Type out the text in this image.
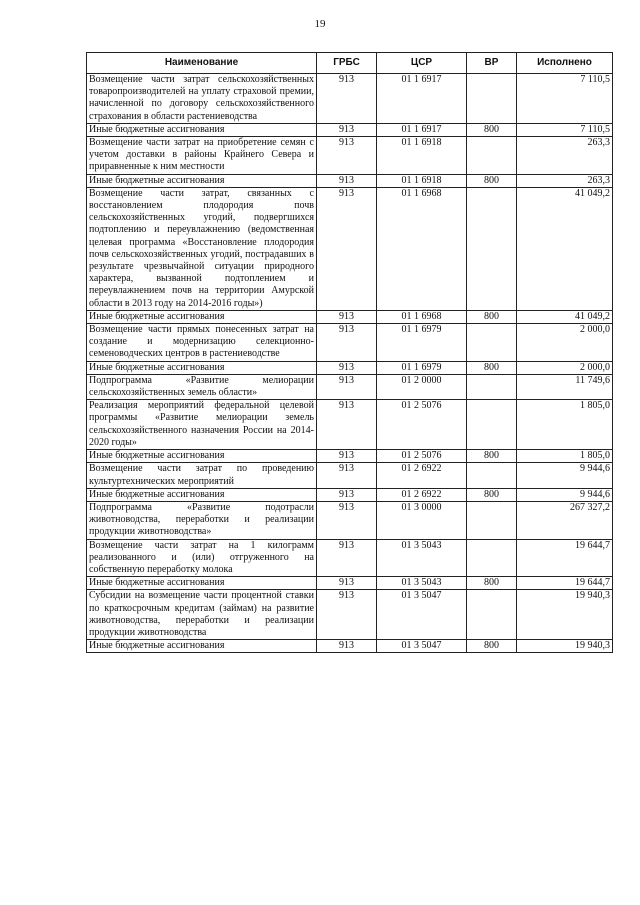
19
Наименование	ГРБС	ЦСР	ВР	Исполнено
Возмещение части затрат сельскохозяйственных товаропроизводителей на уплату страховой премии, начисленной по договору сельскохозяйственного страхования в области растениеводства	913	01 1 6917		7 110,5
Иные бюджетные ассигнования	913	01 1 6917	800	7 110,5
Возмещение части затрат на приобретение семян с учетом доставки в районы Крайнего Севера и приравненные к ним местности	913	01 1 6918		263,3
Иные бюджетные ассигнования	913	01 1 6918	800	263,3
Возмещение части затрат, связанных с восстановлением плодородия почв сельскохозяйственных угодий, подвергшихся подтоплению и переувлажнению (ведомственная целевая программа «Восстановление плодородия почв сельскохозяйственных угодий, пострадавших в результате чрезвычайной ситуации природного характера, вызванной подтоплением и переувлажнением почв на территории Амурской области в 2013 году на 2014-2016 годы»)	913	01 1 6968		41 049,2
Иные бюджетные ассигнования	913	01 1 6968	800	41 049,2
Возмещение части прямых понесенных затрат на создание и модернизацию селекционно-семеноводческих центров в растениеводстве	913	01 1 6979		2 000,0
Иные бюджетные ассигнования	913	01 1 6979	800	2 000,0
Подпрограмма «Развитие мелиорации сельскохозяйственных земель области»	913	01 2 0000		11 749,6
Реализация мероприятий федеральной целевой программы «Развитие мелиорации земель сельскохозяйственного назначения России на 2014-2020 годы»	913	01 2 5076		1 805,0
Иные бюджетные ассигнования	913	01 2 5076	800	1 805,0
Возмещение части затрат по проведению культуртехнических мероприятий	913	01 2 6922		9 944,6
Иные бюджетные ассигнования	913	01 2 6922	800	9 944,6
Подпрограмма «Развитие подотрасли животноводства, переработки и реализации продукции животноводства»	913	01 3 0000		267 327,2
Возмещение части затрат на 1 килограмм реализованного и (или) отгруженного на собственную переработку молока	913	01 3 5043		19 644,7
Иные бюджетные ассигнования	913	01 3 5043	800	19 644,7
Субсидии на возмещение части процентной ставки по краткосрочным кредитам (займам) на развитие животноводства, переработки и реализации продукции животноводства	913	01 3 5047		19 940,3
Иные бюджетные ассигнования	913	01 3 5047	800	19 940,3
